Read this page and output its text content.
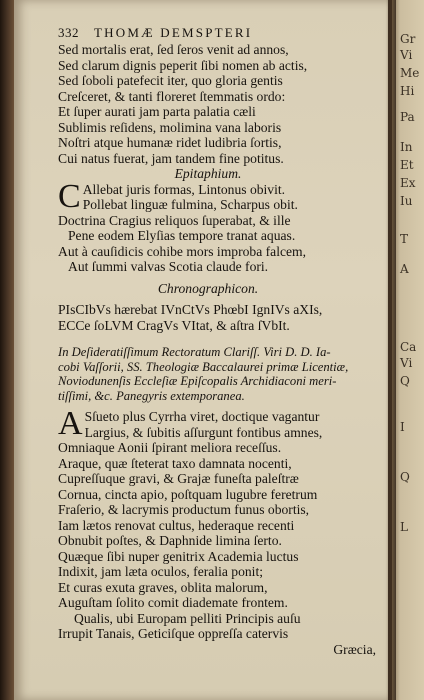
Gr
Vi
Me
Hi
Pa
In
Et
Ex
Iu
T
A
Ca
Vi
Q
I
Q
L
332 THOMÆ DEMSPTERI
Sed mortalis erat, ſed ſeros venit ad annos,
Sed clarum dignis peperit ſibi nomen ab actis,
Sed ſoboli patefecit iter, quo gloria gentis
Creſceret, & tanti floreret ſtemmatis ordo:
Et ſuper aurati jam parta palatia cæli
Sublimis reſidens, molimina vana laboris
Noſtri atque humanæ ridet ludibria ſortis,
Cui natus fuerat, jam tandem fine potitus.
Epitaphium.
C Allebat juris formas, Lintonus obivit.
Pollebat linguæ fulmina, Scharpus obit.
Doctrina Cragius reliquos ſuperabat, & ille
Pene eodem Elyſias tempore tranat aquas.
Aut à cauſidicis cohibe mors improba falcem,
Aut ſummi valvas Scotia claude fori.
Chronographicon.
PIsCIbVs hærebat IVnCtVs PhœbI IgnIVs aXIs,
ECCe ſoLVM CragVs VItat, & aſtra ſVbIt.
In Deſideratiſſimum Rectoratum Clariſſ. Viri D. D. Ia-
cobi Vaſſorii, SS. Theologiæ Baccalaurei primæ Licentiæ,
Noviodunenſis Eccleſiæ Epiſcopalis Archidiaconi meri-
tiſſimi, &c. Panegyris extemporanea.
A Sſueto plus Cyrrha viret, doctique vagantur
Largius, & ſubitis aſſurgunt fontibus amnes,
Omniaque Aonii ſpirant meliora receſſus.
Araque, quæ ſteterat taxo damnata nocenti,
Cupreſſuque gravi, & Grajæ funeſta paleſtræ
Cornua, cincta apio, poſtquam lugubre feretrum
Fraſerio, & lacrymis productum funus obortis,
Iam lætos renovat cultus, hederaque recenti
Obnubit poſtes, & Daphnide limina ſerto.
Quæque ſibi nuper genitrix Academia luctus
Indixit, jam læta oculos, feralia ponit;
Et curas exuta graves, oblita malorum,
Auguſtam ſolito comit diademate frontem.
Qualis, ubi Europam pelliti Principis auſu
Irrupit Tanais, Geticiſque oppreſſa catervis
Græcia,
